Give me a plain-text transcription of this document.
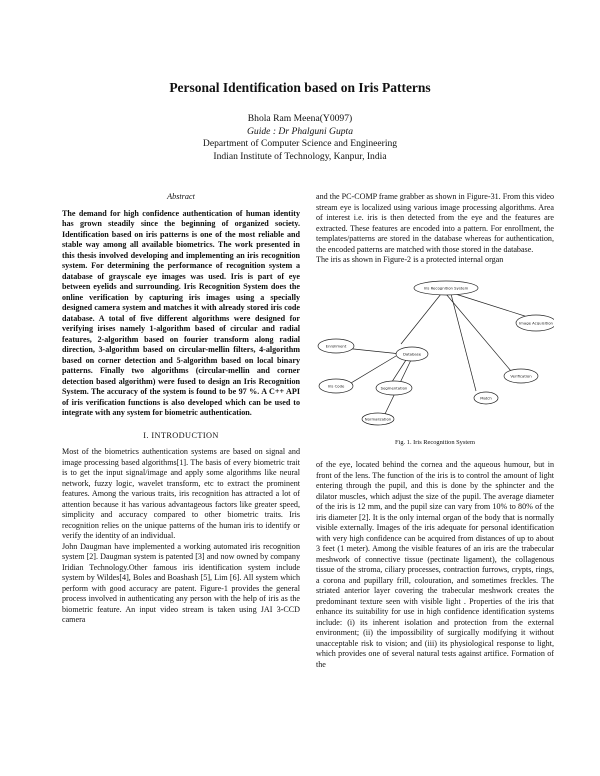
Personal Identification based on Iris Patterns
Bhola Ram Meena(Y0097)
Guide : Dr Phalguni Gupta
Department of Computer Science and Engineering
Indian Institute of Technology, Kanpur, India
Abstract

The demand for high confidence authentication of human identity has grown steadily since the beginning of organized society. Identification based on iris patterns is one of the most reliable and stable way among all available biometrics. The work presented in this thesis involved developing and implementing an iris recognition system. For determining the performance of recognition system a database of grayscale eye images was used. Iris is part of eye between eyelids and surrounding. Iris Recognition System does the online verification by capturing iris images using a specially designed camera system and matches it with already stored iris code database. A total of five different algorithms were designed for verifying irises namely 1-algorithm based of circular and radial features, 2-algorithm based on fourier transform along radial direction, 3-algorithm based on circular-mellin filters, 4-algorithm based on corner detection and 5-algorithm based on local binary patterns. Finally two algorithms (circular-mellin and corner detection based algorithm) were fused to design an Iris Recognition System. The accuracy of the system is found to be 97 %. A C++ API of iris verification functions is also developed which can be used to integrate with any system for biometric authentication.

I. INTRODUCTION

Most of the biometrics authentication systems are based on signal and image processing based algorithms[1]. The basis of every biometric trait is to get the input signal/image and apply some algorithms like neural network, fuzzy logic, wavelet transform, etc to extract the prominent features. Among the various traits, iris recognition has attracted a lot of attention because it has various advantageous factors like greater speed, simplicity and accuracy compared to other biometric traits. Iris recognition relies on the unique patterns of the human iris to identify or verify the identity of an individual.

John Daugman have implemented a working automated iris recognition system [2]. Daugman system is patented [3] and now owned by company Iridian Technology.Other famous iris identification system include system by Wildes[4], Boles and Boashash [5], Lim [6]. All system which perform with good accuracy are patent. Figure-1 provides the general process involved in authenticating any person with the help of iris as the biometric feature. An input video stream is taken using JAI 3-CCD camera

and the PC-COMP frame grabber as shown in Figure-31. From this video stream eye is localized using various image processing algorithms. Area of interest i.e. iris is then detected from the eye and the features are extracted. These features are encoded into a pattern. For enrollment, the templates/patterns are stored in the database whereas for authentication, the encoded patterns are matched with those stored in the database.

The iris as shown in Figure-2 is a protected internal organ

Iris Recognition System
Image Acquisition
Enrollment
Database
Iris Code	Segmentation
Verification
Match
Normalization
Fig. 1. Iris Recognition System

of the eye, located behind the cornea and the aqueous humour, but in front of the lens. The function of the iris is to control the amount of light entering through the pupil, and this is done by the sphincter and the dilator muscles, which adjust the size of the pupil. The average diameter of the iris is 12 mm, and the pupil size can vary from 10% to 80% of the iris diameter [2]. It is the only internal organ of the body that is normally visible externally. Images of the iris adequate for personal identification with very high confidence can be acquired from distances of up to about 3 feet (1 meter). Among the visible features of an iris are the trabecular meshwork of connective tissue (pectinate ligament), the collagenous tissue of the stroma, ciliary processes, contraction furrows, crypts, rings, a corona and pupillary frill, colouration, and sometimes freckles. The striated anterior layer covering the trabecular meshwork creates the predominant texture seen with visible light . Properties of the iris that enhance its suitability for use in high confidence identification systems include: (i) its inherent isolation and protection from the external environment; (ii) the impossibility of surgically modifying it without unacceptable risk to vision; and (iii) its physiological response to light, which provides one of several natural tests against artifice. Formation of the
